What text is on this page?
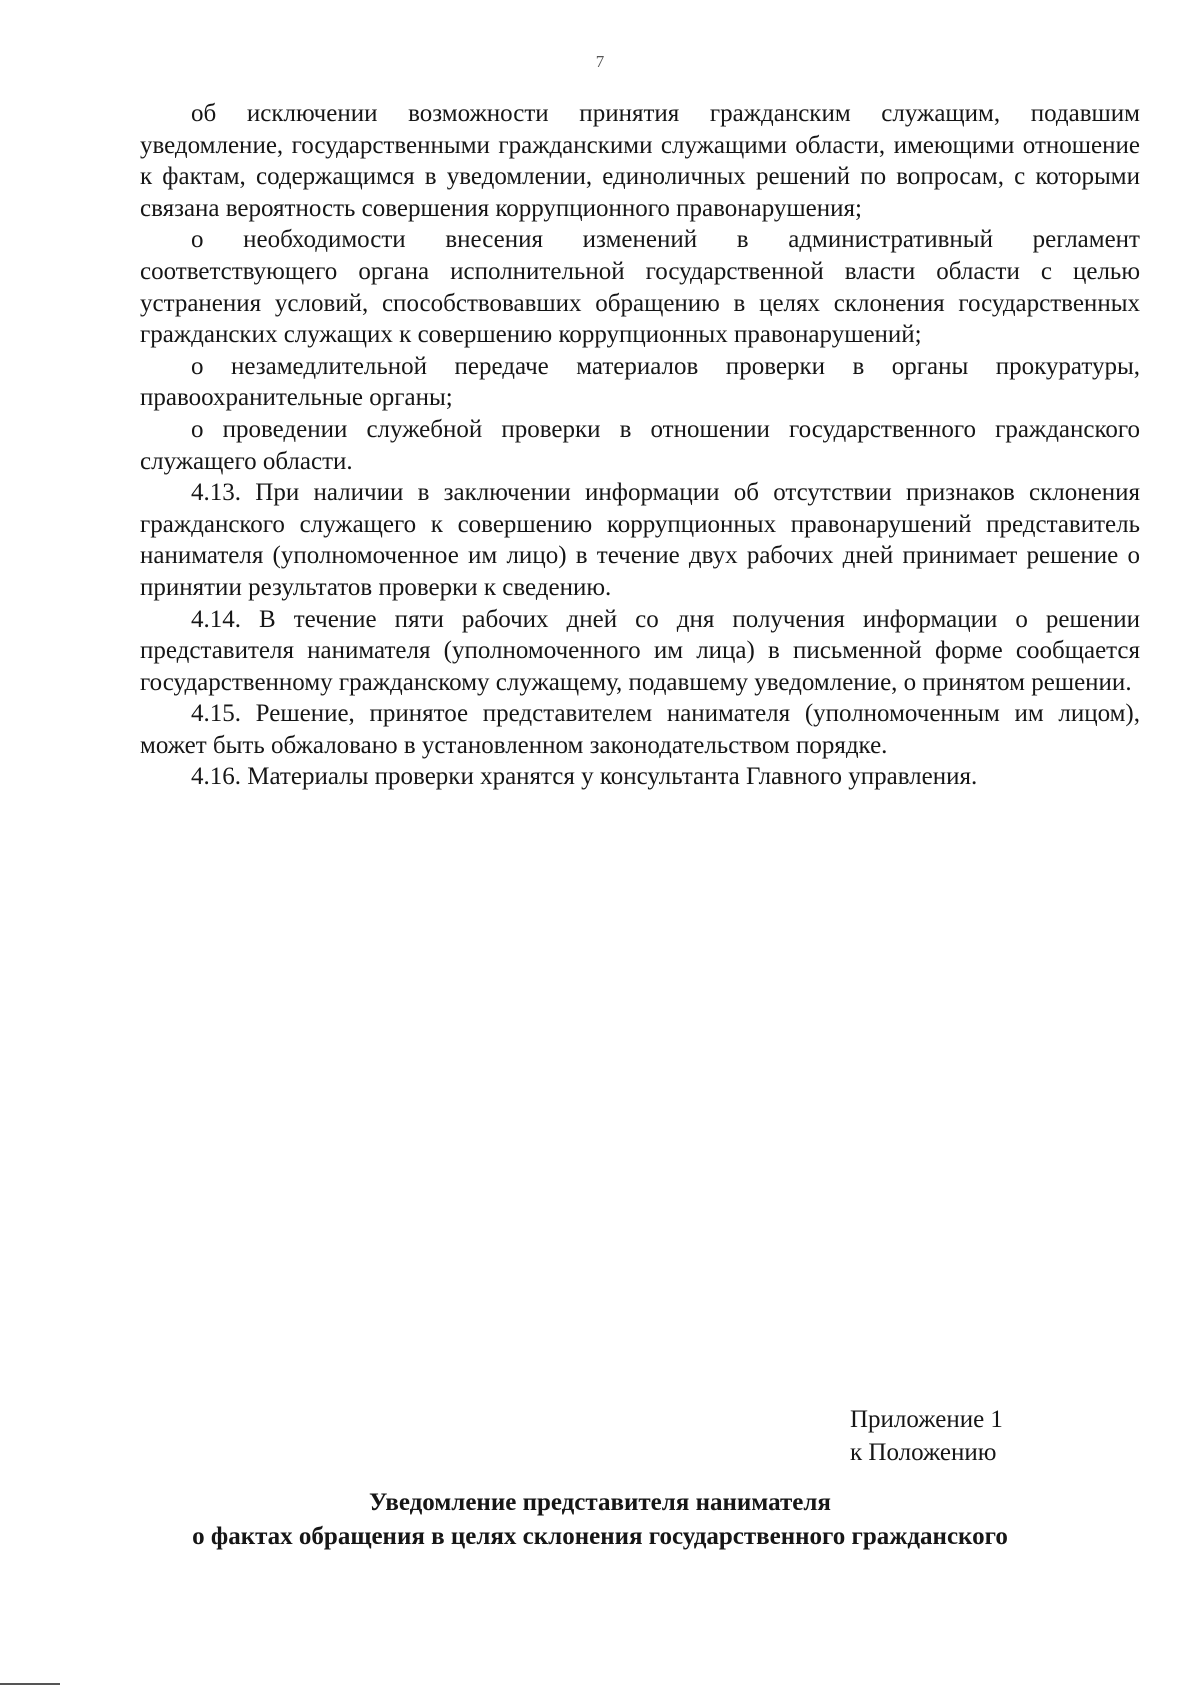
7

об исключении возможности принятия гражданским служащим, подавшим уведомление, государственными гражданскими служащими области, имеющими отношение к фактам, содержащимся в уведомлении, единоличных решений по вопросам, с которыми связана вероятность совершения коррупционного правонарушения;

о необходимости внесения изменений в административный регламент соответствующего органа исполнительной государственной власти области с целью устранения условий, способствовавших обращению в целях склонения государственных гражданских служащих к совершению коррупционных правонарушений;

о незамедлительной передаче материалов проверки в органы прокуратуры, правоохранительные органы;

о проведении служебной проверки в отношении государственного гражданского служащего области.

4.13. При наличии в заключении информации об отсутствии признаков склонения гражданского служащего к совершению коррупционных правонарушений представитель нанимателя (уполномоченное им лицо) в течение двух рабочих дней принимает решение о принятии результатов проверки к сведению.

4.14. В течение пяти рабочих дней со дня получения информации о решении представителя нанимателя (уполномоченного им лица) в письменной форме сообщается государственному гражданскому служащему, подавшему уведомление, о принятом решении.

4.15. Решение, принятое представителем нанимателя (уполномоченным им лицом), может быть обжаловано в установленном законодательством порядке.

4.16. Материалы проверки хранятся у консультанта Главного управления.

Приложение 1
к Положению
Уведомление представителя нанимателя
о фактах обращения в целях склонения государственного гражданского
